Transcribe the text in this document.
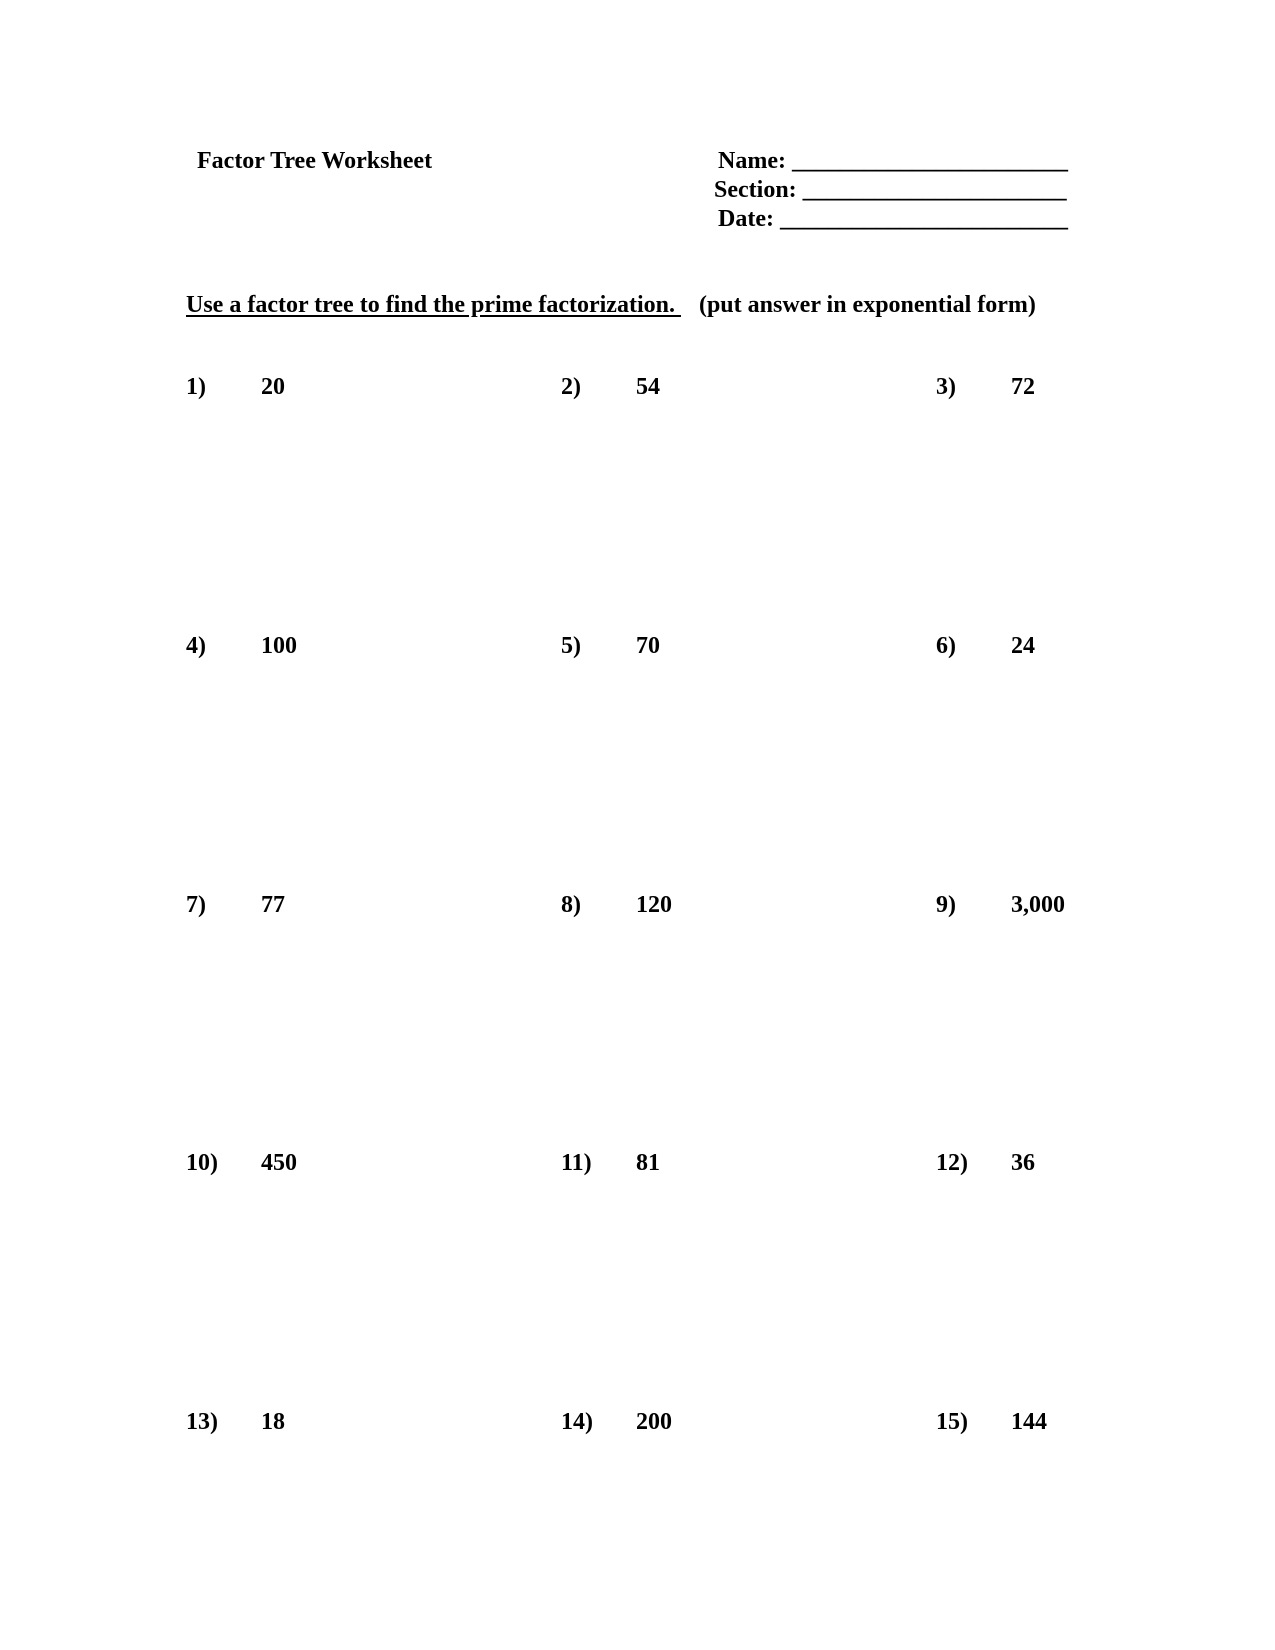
Factor Tree Worksheet	Name: _______________________
Section: ______________________
Date: ________________________
Use a factor tree to find the prime factorization. (put answer in exponential form)
1) 20	2) 54	3) 72
4) 100	5) 70	6) 24
7) 77	8) 120	9) 3,000
10) 450	11) 81	12) 36
13) 18	14) 200	15) 144
